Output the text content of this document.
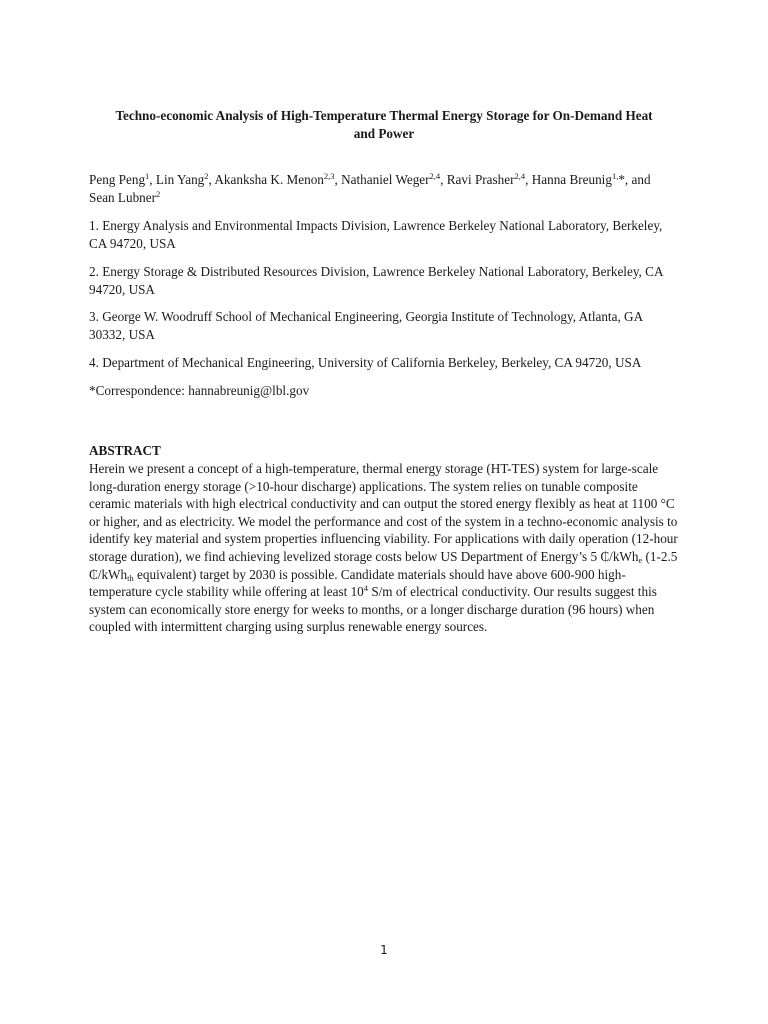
Techno-economic Analysis of High-Temperature Thermal Energy Storage for On-Demand Heat
and Power
Peng Peng$^1$, Lin Yang$^2$, Akanksha K. Menon$^{2,3}$, Nathaniel Weger$^{2,4}$, Ravi Prasher$^{2,4}$, Hanna Breunig$^{1,}$*, and Sean Lubner$^2$
1. Energy Analysis and Environmental Impacts Division, Lawrence Berkeley National Laboratory, Berkeley, CA 94720, USA
2. Energy Storage & Distributed Resources Division, Lawrence Berkeley National Laboratory, Berkeley, CA 94720, USA
3. George W. Woodruff School of Mechanical Engineering, Georgia Institute of Technology, Atlanta, GA 30332, USA
4. Department of Mechanical Engineering, University of California Berkeley, Berkeley, CA 94720, USA
*Correspondence: hannabreunig@lbl.gov
ABSTRACT
Herein we present a concept of a high-temperature, thermal energy storage (HT-TES) system for large-scale long-duration energy storage (>10-hour discharge) applications. The system relies on tunable composite ceramic materials with high electrical conductivity and can output the stored energy flexibly as heat at 1100 °C or higher, and as electricity. We model the performance and cost of the system in a techno-economic analysis to identify key material and system properties influencing viability. For applications with daily operation (12-hour storage duration), we find achieving levelized storage costs below US Department of Energy’s 5 ₵/kWh$_e$ (1-2.5 ₵/kWh$_{th}$ equivalent) target by 2030 is possible. Candidate materials should have above 600-900 high-temperature cycle stability while offering at least $10^4$ S/m of electrical conductivity. Our results suggest this system can economically store energy for weeks to months, or a longer discharge duration (96 hours) when coupled with intermittent charging using surplus renewable energy sources.
1
